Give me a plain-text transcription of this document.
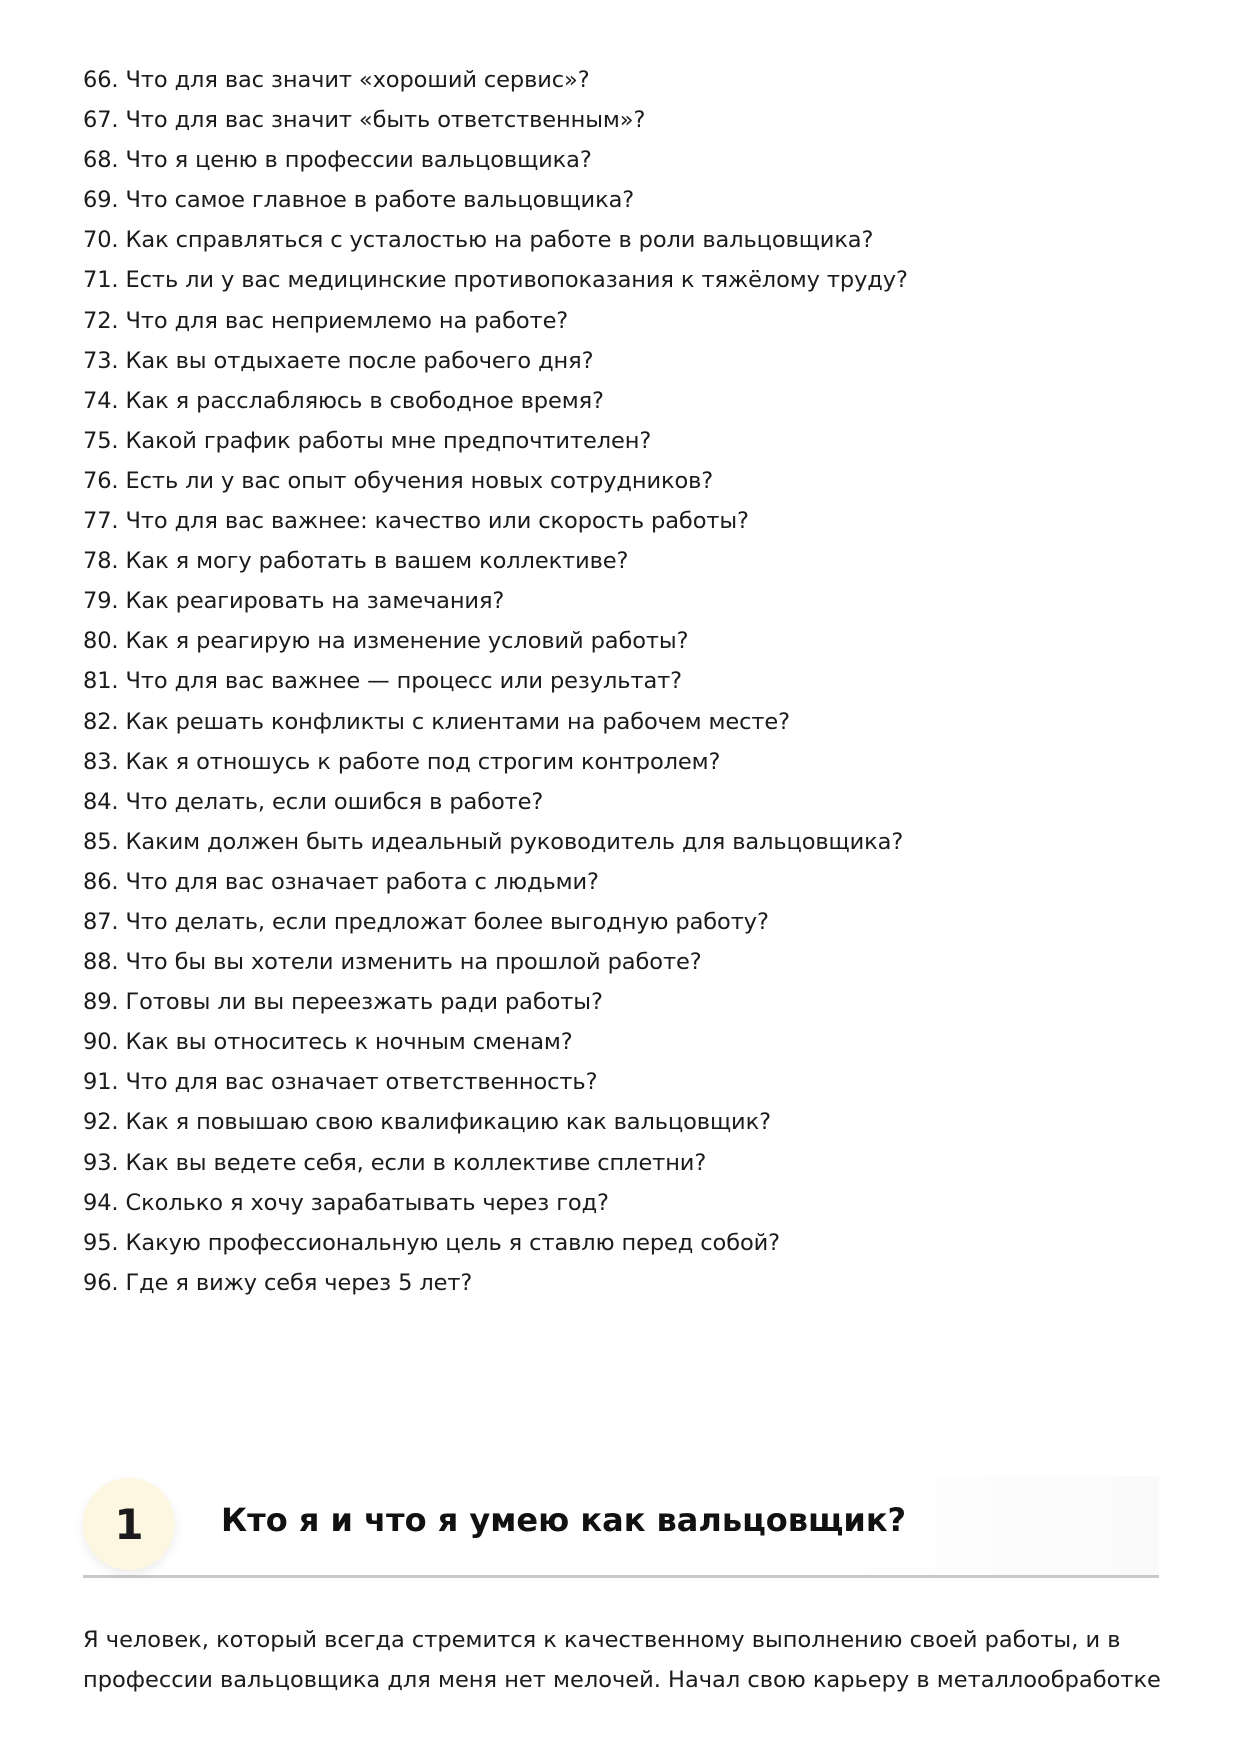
66. Что для вас значит «хороший сервис»?
67. Что для вас значит «быть ответственным»?
68. Что я ценю в профессии вальцовщика?
69. Что самое главное в работе вальцовщика?
70. Как справляться с усталостью на работе в роли вальцовщика?
71. Есть ли у вас медицинские противопоказания к тяжёлому труду?
72. Что для вас неприемлемо на работе?
73. Как вы отдыхаете после рабочего дня?
74. Как я расслабляюсь в свободное время?
75. Какой график работы мне предпочтителен?
76. Есть ли у вас опыт обучения новых сотрудников?
77. Что для вас важнее: качество или скорость работы?
78. Как я могу работать в вашем коллективе?
79. Как реагировать на замечания?
80. Как я реагирую на изменение условий работы?
81. Что для вас важнее — процесс или результат?
82. Как решать конфликты с клиентами на рабочем месте?
83. Как я отношусь к работе под строгим контролем?
84. Что делать, если ошибся в работе?
85. Каким должен быть идеальный руководитель для вальцовщика?
86. Что для вас означает работа с людьми?
87. Что делать, если предложат более выгодную работу?
88. Что бы вы хотели изменить на прошлой работе?
89. Готовы ли вы переезжать ради работы?
90. Как вы относитесь к ночным сменам?
91. Что для вас означает ответственность?
92. Как я повышаю свою квалификацию как вальцовщик?
93. Как вы ведете себя, если в коллективе сплетни?
94. Сколько я хочу зарабатывать через год?
95. Какую профессиональную цель я ставлю перед собой?
96. Где я вижу себя через 5 лет?
1	Кто я и что я умею как вальцовщик?

Я человек, который всегда стремится к качественному выполнению своей работы, и в профессии вальцовщика для меня нет мелочей. Начал свою карьеру в металлообработке
